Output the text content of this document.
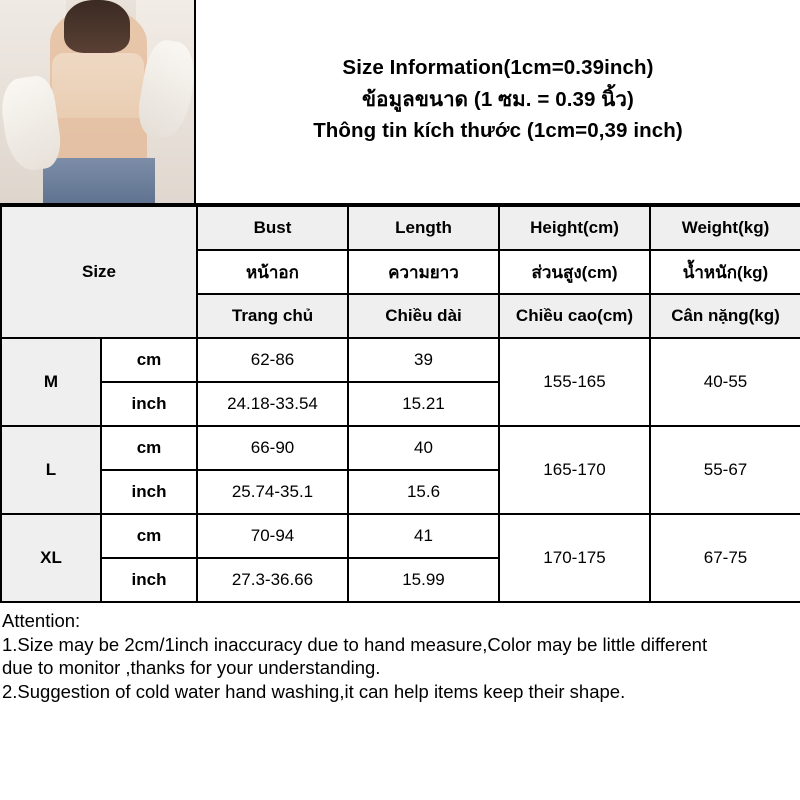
Size Information(1cm=0.39inch)
ข้อมูลขนาด (1 ซม. = 0.39 นิ้ว)
Thông tin kích thước (1cm=0,39 inch)
Size		Bust	Length	Height(cm)	Weight(kg)
		หน้าอก	ความยาว	ส่วนสูง(cm)	น้ำหนัก(kg)
		Trang chủ	Chiều dài	Chiều cao(cm)	Cân nặng(kg)
M	cm	62-86	39	155-165	40-55
	inch	24.18-33.54	15.21		
L	cm	66-90	40	165-170	55-67
	inch	25.74-35.1	15.6		
XL	cm	70-94	41	170-175	67-75
	inch	27.3-36.66	15.99		
Attention:
1.Size may be 2cm/1inch inaccuracy due to hand measure,Color may be little different
due to monitor ,thanks for your understanding.
2.Suggestion of cold water hand washing,it can help items keep their shape.
